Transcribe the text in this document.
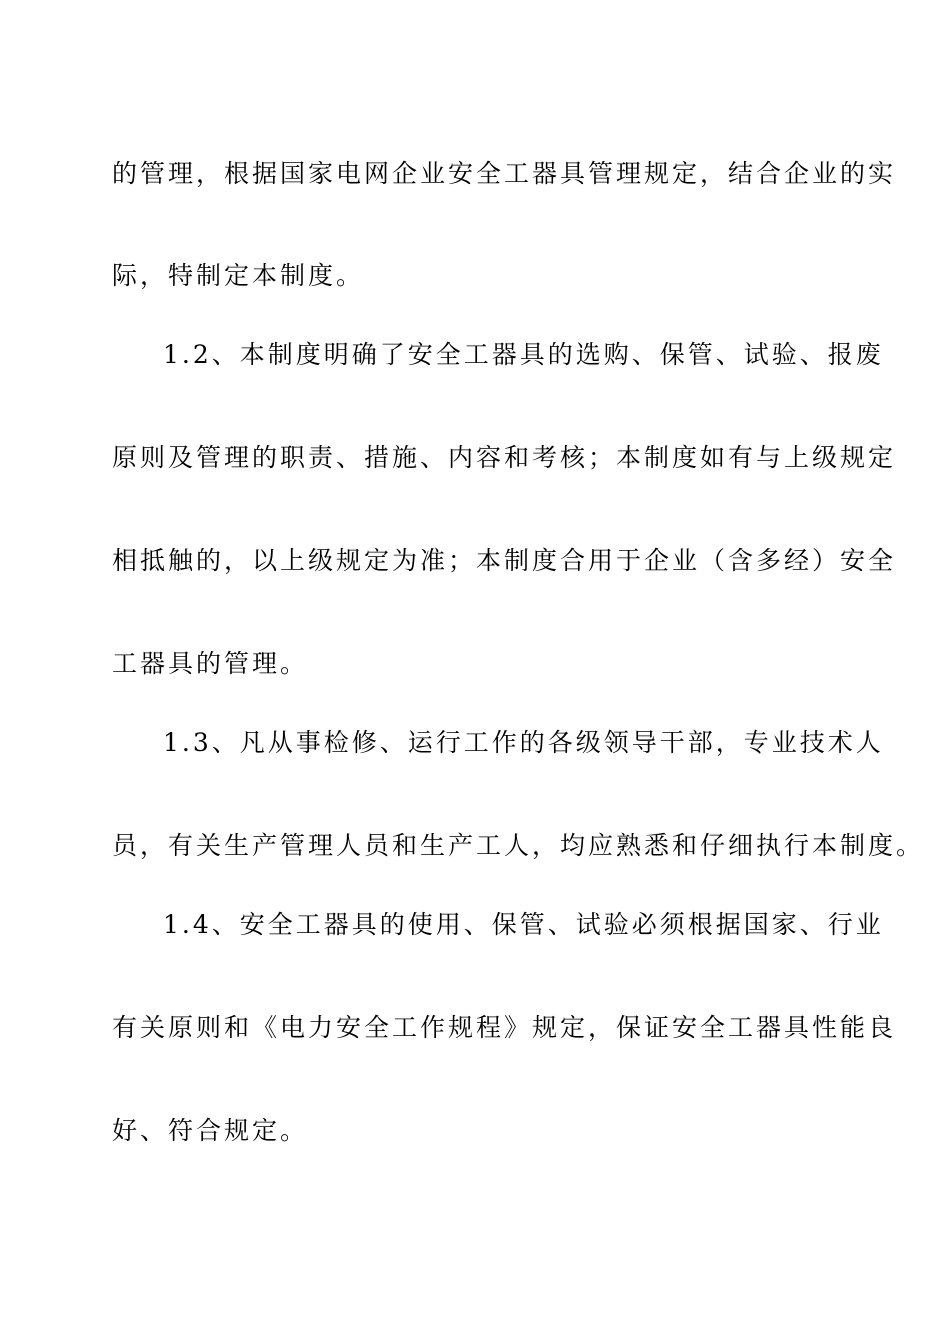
的管理，根据国家电网企业安全工器具管理规定，结合企业的实
际，特制定本制度。
1.2、本制度明确了安全工器具的选购、保管、试验、报废
原则及管理的职责、措施、内容和考核；本制度如有与上级规定
相抵触的，以上级规定为准；本制度合用于企业（含多经）安全
工器具的管理。
1.3、凡从事检修、运行工作的各级领导干部，专业技术人
员，有关生产管理人员和生产工人，均应熟悉和仔细执行本制度。
1.4、安全工器具的使用、保管、试验必须根据国家、行业
有关原则和《电力安全工作规程》规定，保证安全工器具性能良
好、符合规定。
